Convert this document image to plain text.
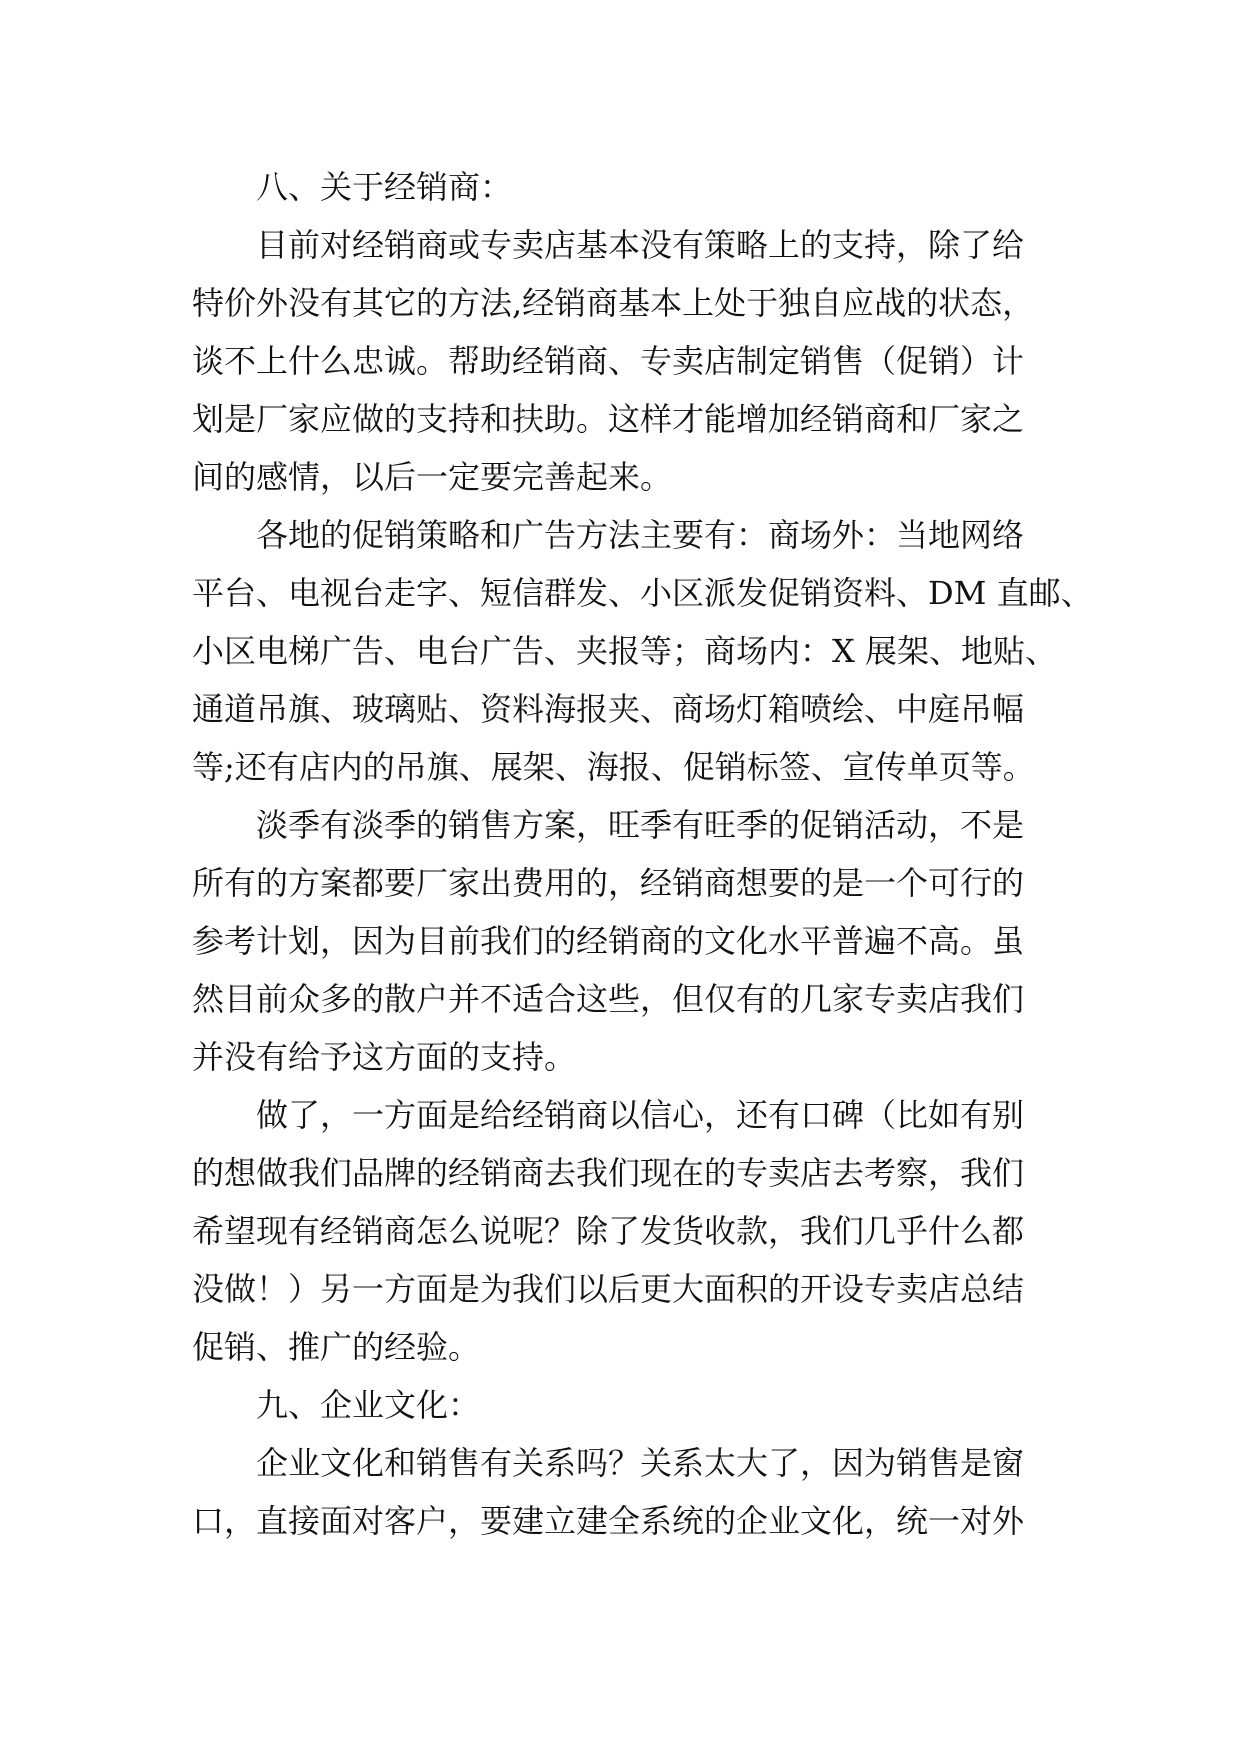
八、关于经销商：
目前对经销商或专卖店基本没有策略上的支持，除了给
特价外没有其它的方法,经销商基本上处于独自应战的状态，
谈不上什么忠诚。帮助经销商、专卖店制定销售（促销）计
划是厂家应做的支持和扶助。这样才能增加经销商和厂家之
间的感情，以后一定要完善起来。
各地的促销策略和广告方法主要有：商场外：当地网络
平台、电视台走字、短信群发、小区派发促销资料、DM 直邮、
小区电梯广告、电台广告、夹报等；商场内：X 展架、地贴、
通道吊旗、玻璃贴、资料海报夹、商场灯箱喷绘、中庭吊幅
等;还有店内的吊旗、展架、海报、促销标签、宣传单页等。
淡季有淡季的销售方案，旺季有旺季的促销活动，不是
所有的方案都要厂家出费用的，经销商想要的是一个可行的
参考计划，因为目前我们的经销商的文化水平普遍不高。虽
然目前众多的散户并不适合这些，但仅有的几家专卖店我们
并没有给予这方面的支持。
做了，一方面是给经销商以信心，还有口碑（比如有别
的想做我们品牌的经销商去我们现在的专卖店去考察，我们
希望现有经销商怎么说呢？除了发货收款，我们几乎什么都
没做！）另一方面是为我们以后更大面积的开设专卖店总结
促销、推广的经验。
九、企业文化：
企业文化和销售有关系吗？关系太大了，因为销售是窗
口，直接面对客户，要建立建全系统的企业文化，统一对外
